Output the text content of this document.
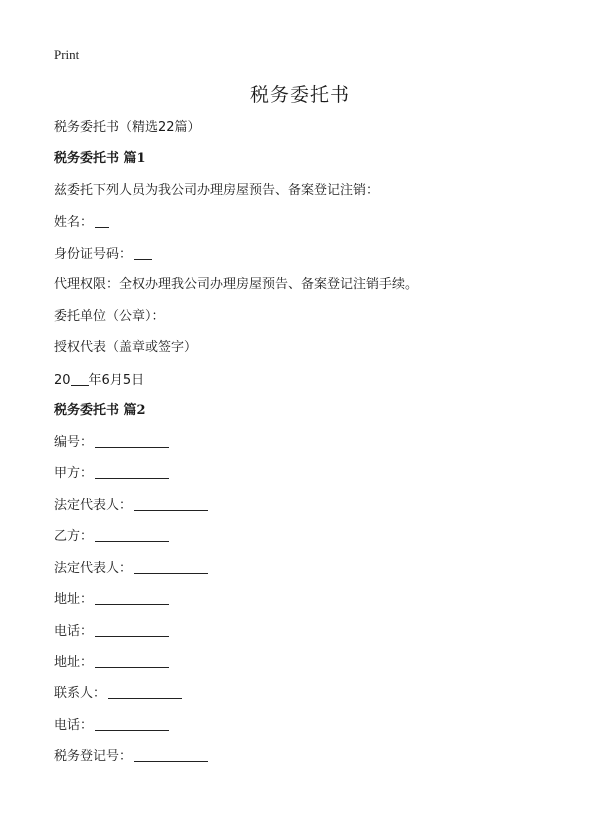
Print
税务委托书
税务委托书（精选22篇）
税务委托书 篇1
兹委托下列人员为我公司办理房屋预告、备案登记注销：
姓名：
身份证号码：
代理权限：全权办理我公司办理房屋预告、备案登记注销手续。
委托单位（公章）：
授权代表（盖章或签字）
20 年6月5日
税务委托书 篇2
编号：
甲方：
法定代表人：
乙方：
法定代表人：
地址：
电话：
地址：
联系人：
电话：
税务登记号：
